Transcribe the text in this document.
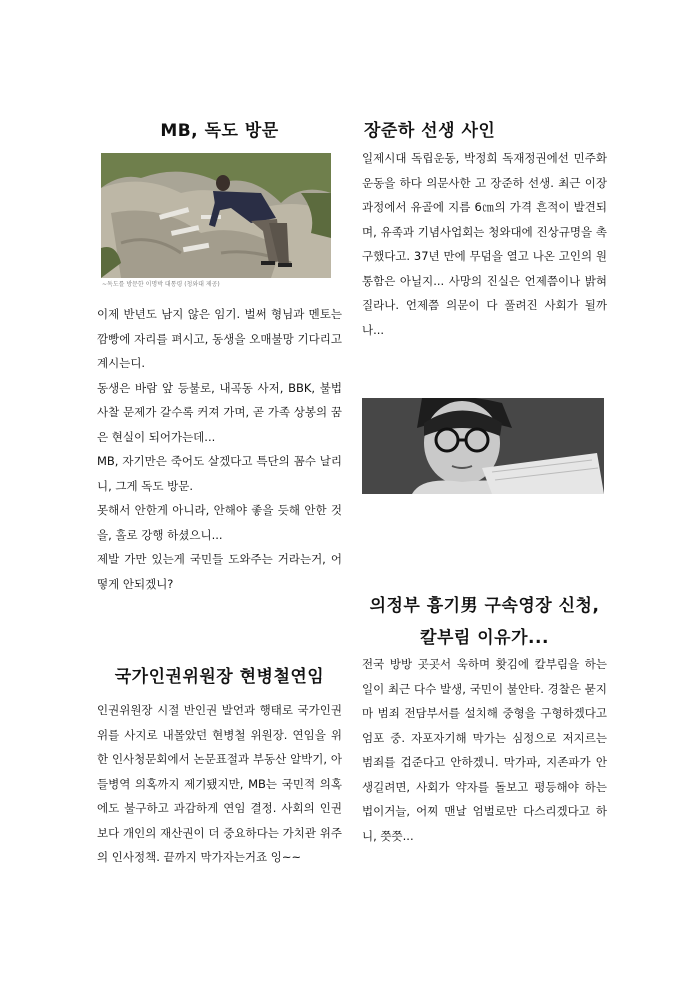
MB, 독도 방문
~독도를 방문한 이명박 대통령 (청와대 제공)

이제 반년도 남지 않은 임기. 벌써 형님과 멘토는 깜빵에 자리를 펴시고, 동생을 오매불망 기다리고 계시는디.

동생은 바람 앞 등불로, 내곡동 사저, BBK, 불법사찰 문제가 갈수록 커져 가며, 곧 가족 상봉의 꿈은 현실이 되어가는데...

MB, 자기만은 죽어도 살겠다고 특단의 꼼수 날리니, 그게 독도 방문.

못해서 안한게 아니라, 안해야 좋을 듯해 안한 것을, 홀로 강행 하셨으니...

제발 가만 있는게 국민들 도와주는 거라는거, 어떻게 안되겠니?

국가인권위원장 현병철연임

인권위원장 시절 반인권 발언과 행태로 국가인권위를 사지로 내몰았던 현병철 위원장. 연임을 위한 인사청문회에서 논문표절과 부동산 알박기, 아들병역 의혹까지 제기됐지만, MB는 국민적 의혹에도 불구하고 과감하게 연임 결정. 사회의 인권보다 개인의 재산권이 더 중요하다는 가치관 위주의 인사정책. 끝까지 막가자는거죠 잉~~

장준하 선생 사인

일제시대 독립운동, 박정희 독재정권에선 민주화운동을 하다 의문사한 고 장준하 선생. 최근 이장 과정에서 유골에 지름 6㎝의 가격 흔적이 발견되며, 유족과 기념사업회는 청와대에 진상규명을 촉구했다고. 37년 만에 무덤을 열고 나온 고인의 원통함은 아닐지... 사망의 진실은 언제쯤이나 밝혀질라나. 언제쯤 의문이 다 풀려진 사회가 될까나...

의정부 흉기男 구속영장 신청,
칼부림 이유가...

전국 방방 곳곳서 욱하며 홧김에 칼부림을 하는 일이 최근 다수 발생, 국민이 불안타. 경찰은 묻지마 범죄 전담부서를 설치해 중형을 구형하겠다고 엄포 중. 자포자기해 막가는 심정으로 저지르는 범죄를 겁준다고 안하겠니. 막가파, 지존파가 안생길려면, 사회가 약자를 돌보고 평등해야 하는 법이거늘, 어찌 맨날 엄벌로만 다스리겠다고 하니, 쯧쯧...
